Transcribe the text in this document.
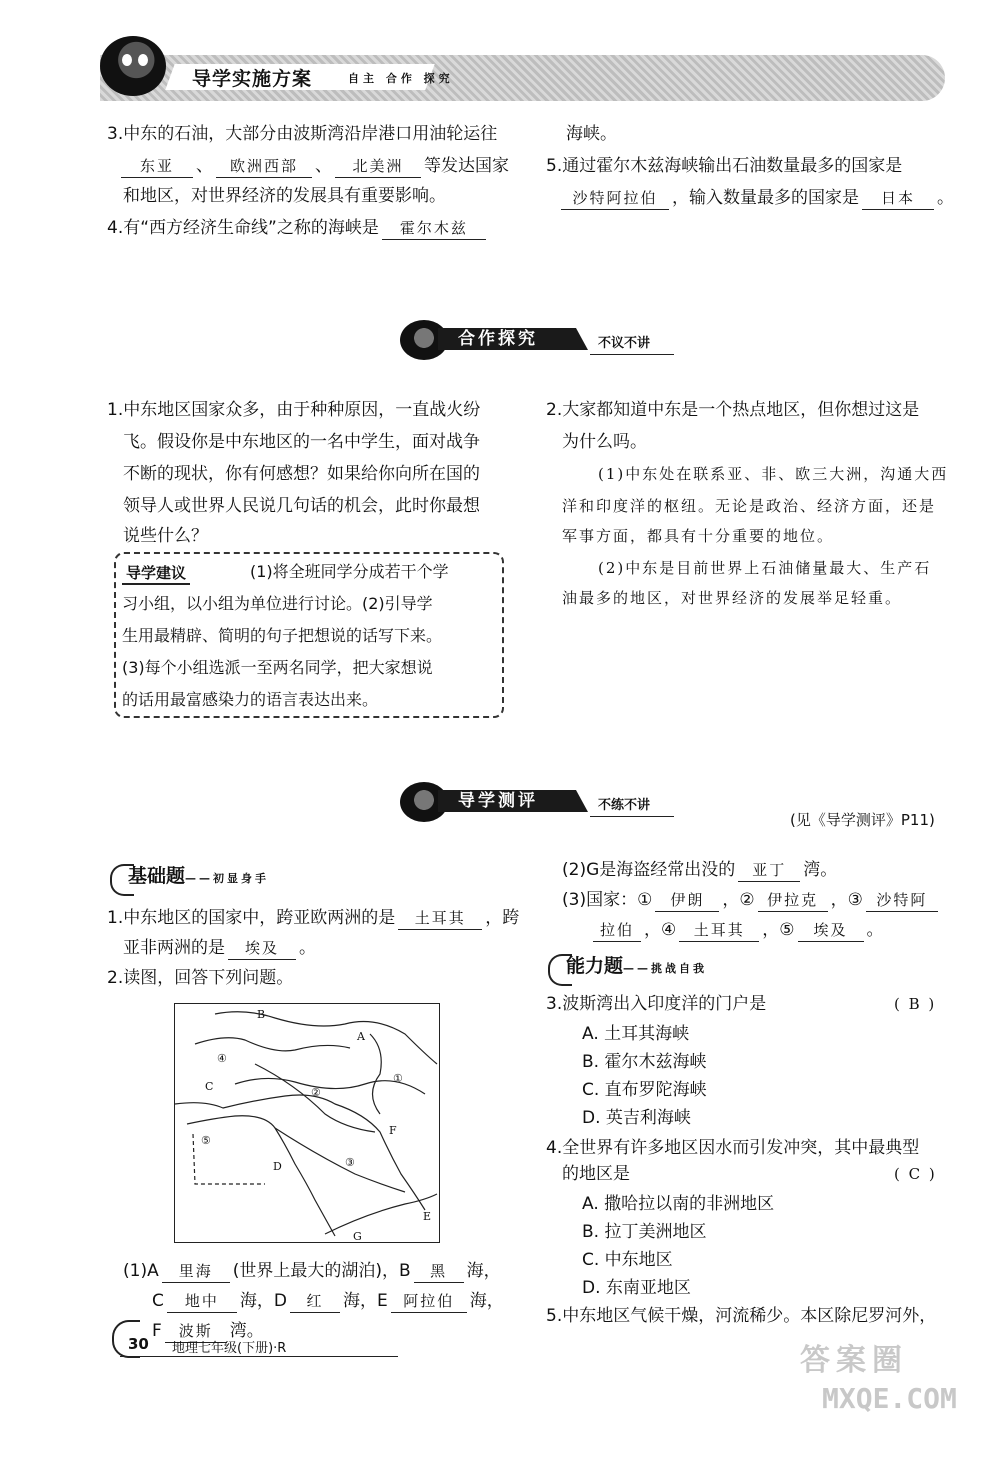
导学实施方案	自主 合作 探究
3.中东的石油，大部分由波斯湾沿岸港口用油轮运往
东亚 、 欧洲西部 、 北美洲 等发达国家
和地区，对世界经济的发展具有重要影响。
4.有“西方经济生命线”之称的海峡是 霍尔木兹
海峡。
5.通过霍尔木兹海峡输出石油数量最多的国家是
沙特阿拉伯 ，输入数量最多的国家是 日本 。
合作探究	不议不讲
1.中东地区国家众多，由于种种原因，一直战火纷
飞。假设你是中东地区的一名中学生，面对战争
不断的现状，你有何感想？如果给你向所在国的
领导人或世界人民说几句话的机会，此时你最想
说些什么？
导学建议	(1)将全班同学分成若干个学
习小组，以小组为单位进行讨论。(2)引导学
生用最精辟、简明的句子把想说的话写下来。
(3)每个小组选派一至两名同学，把大家想说
的话用最富感染力的语言表达出来。
2.大家都知道中东是一个热点地区，但你想过这是
为什么吗。
(1)中东处在联系亚、非、欧三大洲，沟通大西
洋和印度洋的枢纽。无论是政治、经济方面，还是
军事方面，都具有十分重要的地位。
(2)中东是目前世界上石油储量最大、生产石
油最多的地区，对世界经济的发展举足轻重。
导学测评	不练不讲
(见《导学测评》P11)
基础题——初显身手
1.中东地区的国家中，跨亚欧两洲的是 土耳其 ，跨
亚非两洲的是 埃及 。
2.读图，回答下列问题。
A
B
C
D
E
F
G
①
②
③
④
⑤
(1)A 里海 (世界上最大的湖泊)，B 黑 海，
C 地中 海，D 红 海，E 阿拉伯 海，
F 波斯 湾。
(2)G是海盗经常出没的 亚丁 湾。
(3)国家：① 伊朗 ，② 伊拉克 ，③ 沙特阿
拉伯 ，④ 土耳其 ，⑤ 埃及 。
能力题——挑战自我
3.波斯湾出入印度洋的门户是	( B )
A. 土耳其海峡
B. 霍尔木兹海峡
C. 直布罗陀海峡
D. 英吉利海峡
4.全世界有许多地区因水而引发冲突，其中最典型
的地区是	( C )
A. 撒哈拉以南的非洲地区
B. 拉丁美洲地区
C. 中东地区
D. 东南亚地区
5.中东地区气候干燥，河流稀少。本区除尼罗河外，
30 地理七年级(下册)·R	答案圈
MXQE.COM
